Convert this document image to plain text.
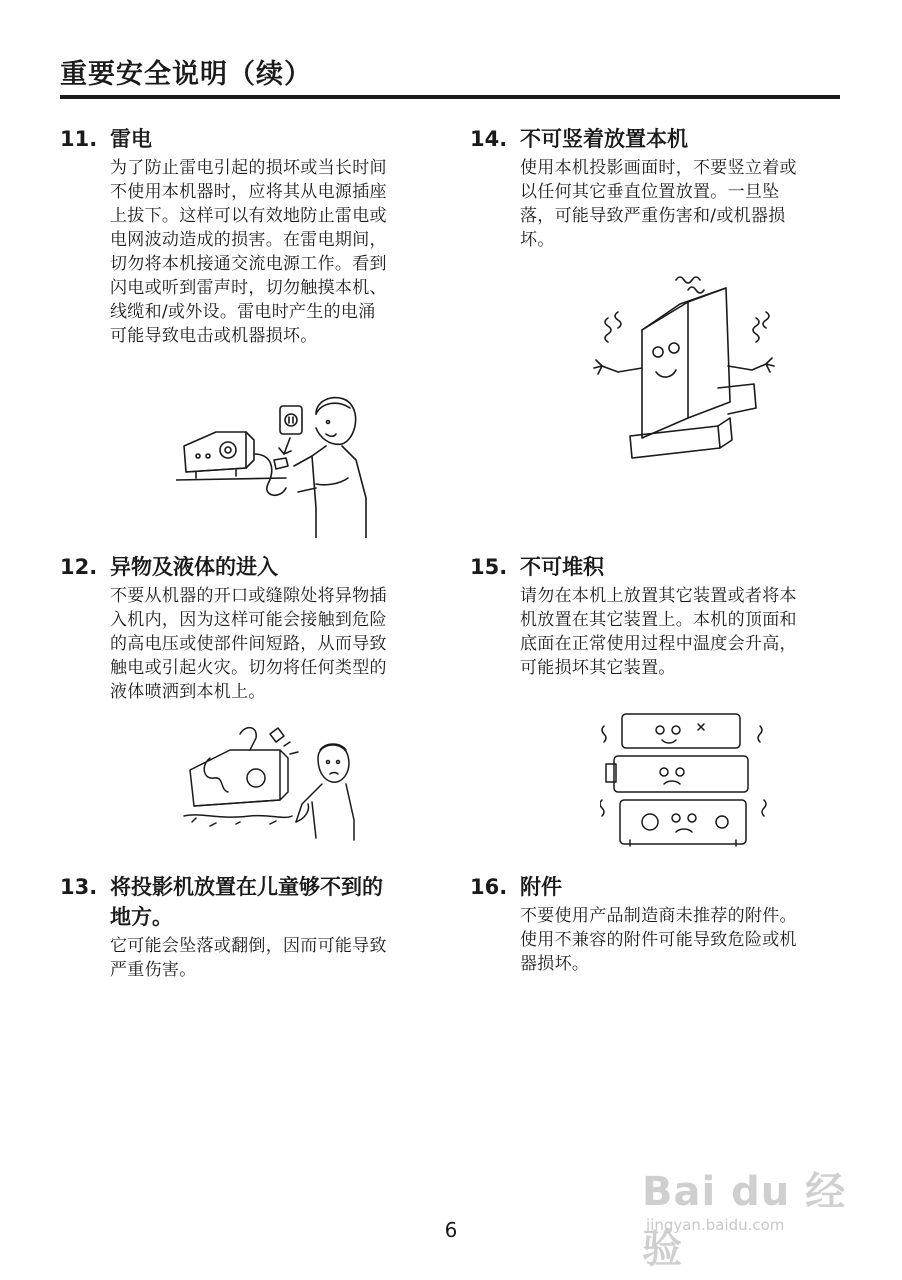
重要安全说明（续）
11. 雷电
为了防止雷电引起的损坏或当长时间不使用本机器时，应将其从电源插座上拔下。这样可以有效地防止雷电或电网波动造成的损害。在雷电期间，切勿将本机接通交流电源工作。看到闪电或听到雷声时，切勿触摸本机、线缆和/或外设。雷电时产生的电涌可能导致电击或机器损坏。
12. 异物及液体的进入
不要从机器的开口或缝隙处将异物插入机内，因为这样可能会接触到危险的高电压或使部件间短路，从而导致触电或引起火灾。切勿将任何类型的液体喷洒到本机上。
13. 将投影机放置在儿童够不到的地方。
它可能会坠落或翻倒，因而可能导致严重伤害。
14. 不可竖着放置本机
使用本机投影画面时，不要竖立着或以任何其它垂直位置放置。一旦坠落，可能导致严重伤害和/或机器损坏。
15. 不可堆积
请勿在本机上放置其它装置或者将本机放置在其它装置上。本机的顶面和底面在正常使用过程中温度会升高，可能损坏其它装置。
16. 附件
不要使用产品制造商未推荐的附件。使用不兼容的附件可能导致危险或机器损坏。
6
Bai du 经验
jingyan.baidu.com
